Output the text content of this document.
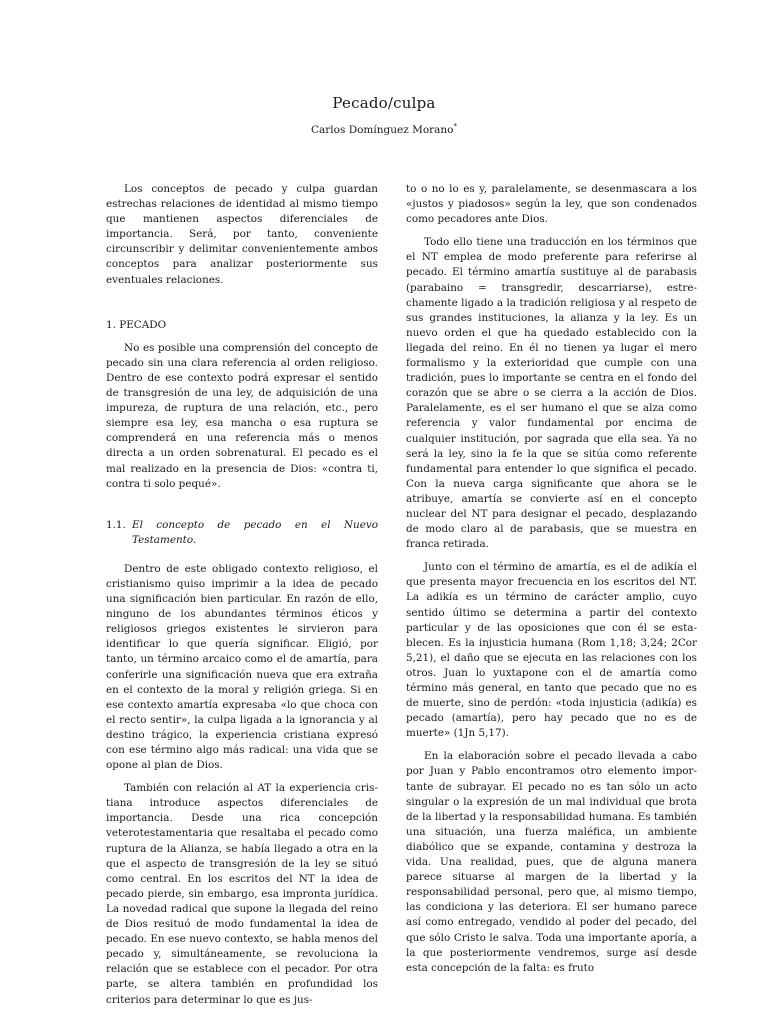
Pecado/culpa
Carlos Domínguez Morano*

Los conceptos de pecado y culpa guardan estrechas relaciones de identidad al mismo tiempo que mantienen aspectos diferenciales de importancia. Será, por tanto, conveniente circunscribir y delimitar convenientemente ambos conceptos para analizar posteriormente sus eventuales relaciones.

1. PECADO

No es posible una comprensión del concepto de pecado sin una clara referencia al orden religioso. Dentro de ese contexto podrá expresar el sentido de transgresión de una ley, de adquisición de una impureza, de ruptura de una relación, etc., pero siempre esa ley, esa mancha o esa ruptura se comprenderá en una referencia más o menos directa a un orden sobrenatural. El pecado es el mal realizado en la presencia de Dios: «contra ti, contra ti solo pequé».

1.1. El concepto de pecado en el Nuevo Testamento.

Dentro de este obligado contexto religioso, el cristianismo quiso imprimir a la idea de pecado una significación bien particular. En razón de ello, ninguno de los abundantes términos éticos y religiosos griegos existentes le sirvieron para identificar lo que quería significar. Eligió, por tanto, un término arcaico como el de amartía, para conferirle una significación nueva que era extraña en el contexto de la moral y religión griega. Si en ese contexto amartía expresaba «lo que choca con el recto sentir», la culpa ligada a la ignorancia y al destino trágico, la experiencia cristiana expresó con ese término algo más radical: una vida que se opone al plan de Dios.

También con relación al AT la experiencia cristiana introduce aspectos diferenciales de importancia. Desde una rica concepción veterotestamentaria que resaltaba el pecado como ruptura de la Alianza, se había llegado a otra en la que el aspecto de transgresión de la ley se situó como central. En los escritos del NT la idea de pecado pierde, sin embargo, esa impronta jurídica. La novedad radical que supone la llegada del reino de Dios resituó de modo fundamental la idea de pecado. En ese nuevo contexto, se habla menos del pecado y, simultáneamente, se revoluciona la relación que se establece con el pecador. Por otra parte, se altera también en profundidad los criterios para determinar lo que es jus-

to o no lo es y, paralelamente, se desenmascara a los «justos y piadosos» según la ley, que son condenados como pecadores ante Dios.

Todo ello tiene una traducción en los términos que el NT emplea de modo preferente para referirse al pecado. El término amartía sustituye al de parabasis (parabaino = transgredir, descarriarse), estrechamente ligado a la tradición religiosa y al respeto de sus grandes instituciones, la alianza y la ley. Es un nuevo orden el que ha quedado establecido con la llegada del reino. En él no tienen ya lugar el mero formalismo y la exterioridad que cumple con una tradición, pues lo importante se centra en el fondo del corazón que se abre o se cierra a la acción de Dios. Paralelamente, es el ser humano el que se alza como referencia y valor fundamental por encima de cualquier institución, por sagrada que ella sea. Ya no será la ley, sino la fe la que se sitúa como referente fundamental para entender lo que significa el pecado. Con la nueva carga significante que ahora se le atribuye, amartía se convierte así en el concepto nuclear del NT para designar el pecado, desplazando de modo claro al de parabasis, que se muestra en franca retirada.

Junto con el término de amartía, es el de adikía el que presenta mayor frecuencia en los escritos del NT. La adikía es un término de carácter amplio, cuyo sentido último se determina a partir del contexto particular y de las oposiciones que con él se establecen. Es la injusticia humana (Rom 1,18; 3,24; 2Cor 5,21), el daño que se ejecuta en las relaciones con los otros. Juan lo yuxtapone con el de amartía como término más general, en tanto que pecado que no es de muerte, sino de perdón: «toda injusticia (adikía) es pecado (amartía), pero hay pecado que no es de muerte» (1Jn 5,17).

En la elaboración sobre el pecado llevada a cabo por Juan y Pablo encontramos otro elemento importante de subrayar. El pecado no es tan sólo un acto singular o la expresión de un mal individual que brota de la libertad y la responsabilidad humana. Es también una situación, una fuerza maléfica, un ambiente diabólico que se expande, contamina y destroza la vida. Una realidad, pues, que de alguna manera parece situarse al margen de la libertad y la responsabilidad personal, pero que, al mismo tiempo, las condiciona y las deteriora. El ser humano parece así como entregado, vendido al poder del pecado, del que sólo Cristo le salva. Toda una importante aporía, a la que posteriormente vendremos, surge así desde esta concepción de la falta: es fruto
